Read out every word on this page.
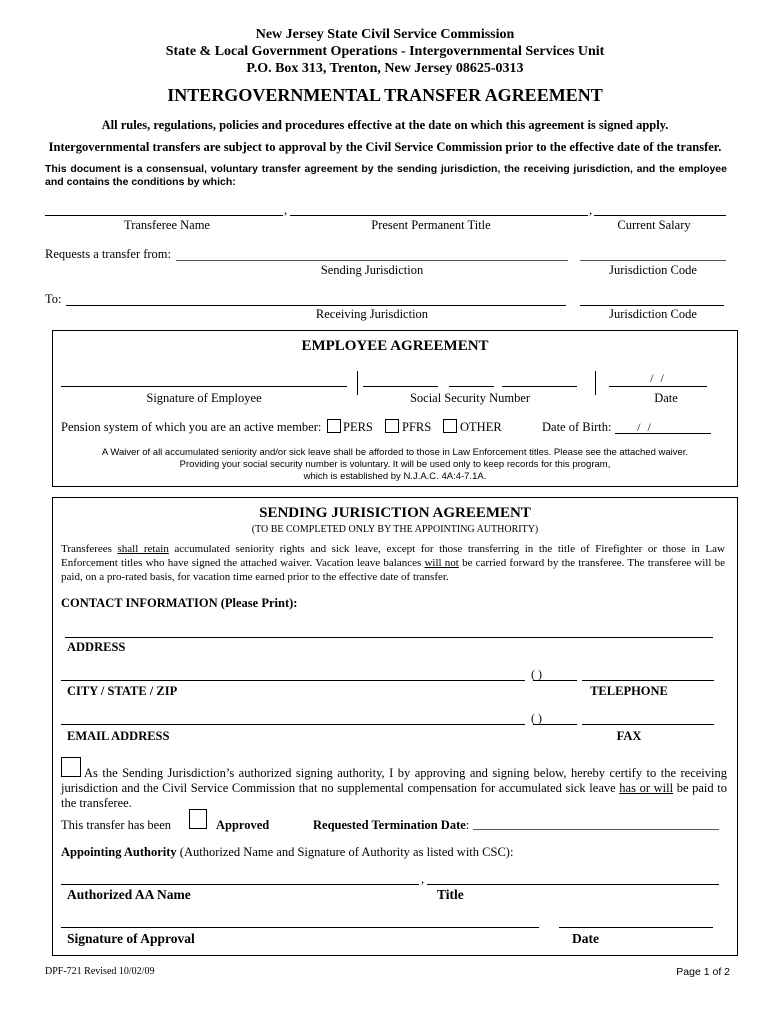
New Jersey State Civil Service Commission
State & Local Government Operations - Intergovernmental Services Unit
P.O. Box 313, Trenton, New Jersey 08625-0313
INTERGOVERNMENTAL TRANSFER AGREEMENT
All rules, regulations, policies and procedures effective at the date on which this agreement is signed apply.
Intergovernmental transfers are subject to approval by the Civil Service Commission prior to the effective date of the transfer.
This document is a consensual, voluntary transfer agreement by the sending jurisdiction, the receiving jurisdiction, and the employee and contains the conditions by which:
,	,
Transferee Name	Present Permanent Title	Current Salary
Requests a transfer from:
Sending Jurisdiction	Jurisdiction Code
To:
Receiving Jurisdiction	Jurisdiction Code
EMPLOYEE AGREEMENT
/ /
Signature of Employee	Social Security Number	Date
Pension system of which you are an active member: PERS PFRS OTHER	Date of Birth:	/ /
A Waiver of all accumulated seniority and/or sick leave shall be afforded to those in Law Enforcement titles. Please see the attached waiver.
Providing your social security number is voluntary. It will be used only to keep records for this program,
which is established by N.J.A.C. 4A:4-7.1A.
SENDING JURISICTION AGREEMENT
(TO BE COMPLETED ONLY BY THE APPOINTING AUTHORITY)
Transferees shall retain accumulated seniority rights and sick leave, except for those transferring in the title of Firefighter or those in Law Enforcement titles who have signed the attached waiver. Vacation leave balances will not be carried forward by the transferee. The transferee will be paid, on a pro-rated basis, for vacation time earned prior to the effective date of transfer.
CONTACT INFORMATION (Please Print):
ADDRESS
( )
CITY / STATE / ZIP	TELEPHONE
( )
EMAIL ADDRESS	FAX
As the Sending Jurisdiction’s authorized signing authority, I by approving and signing below, hereby certify to the receiving jurisdiction and the Civil Service Commission that no supplemental compensation for accumulated sick leave has or will be paid to the transferee.
This transfer has been	Approved	Requested Termination Date:
Appointing Authority (Authorized Name and Signature of Authority as listed with CSC):
,
Authorized AA Name	Title
Signature of Approval	Date
DPF-721 Revised 10/02/09	Page 1 of 2
